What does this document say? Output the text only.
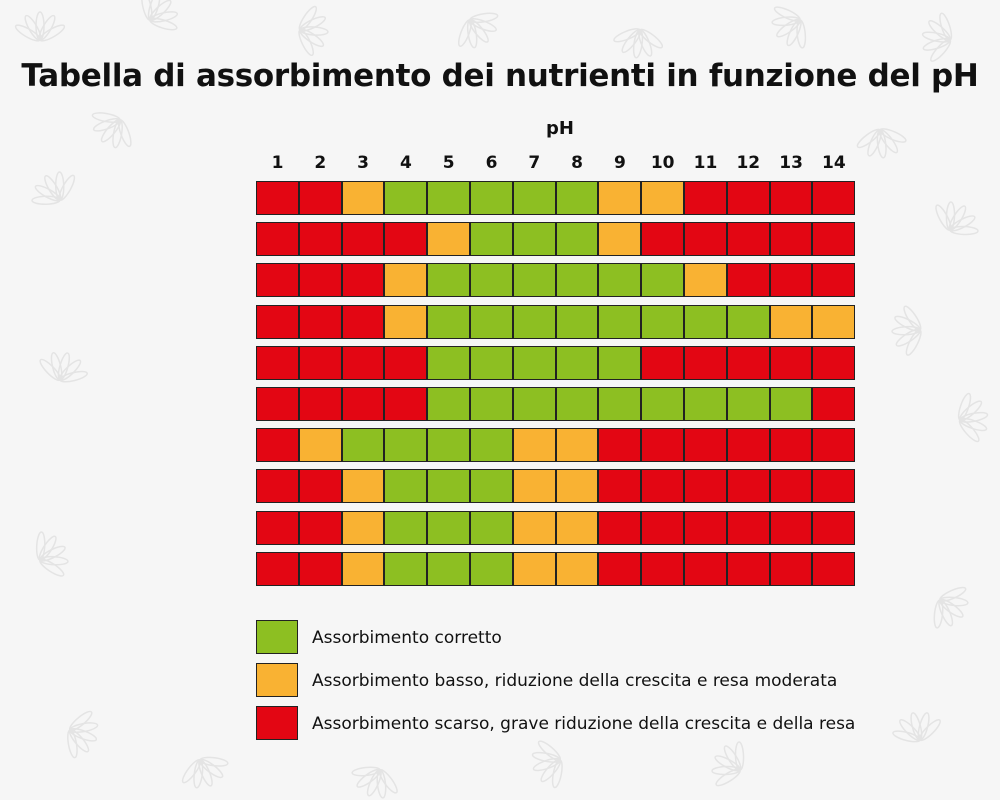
Tabella di assorbimento dei nutrienti in funzione del pH
pH
1	2	3	4	5	6	7	8	9	10	11	12	13	14
Assorbimento corretto
Assorbimento basso, riduzione della crescita e resa moderata
Assorbimento scarso, grave riduzione della crescita e della resa
